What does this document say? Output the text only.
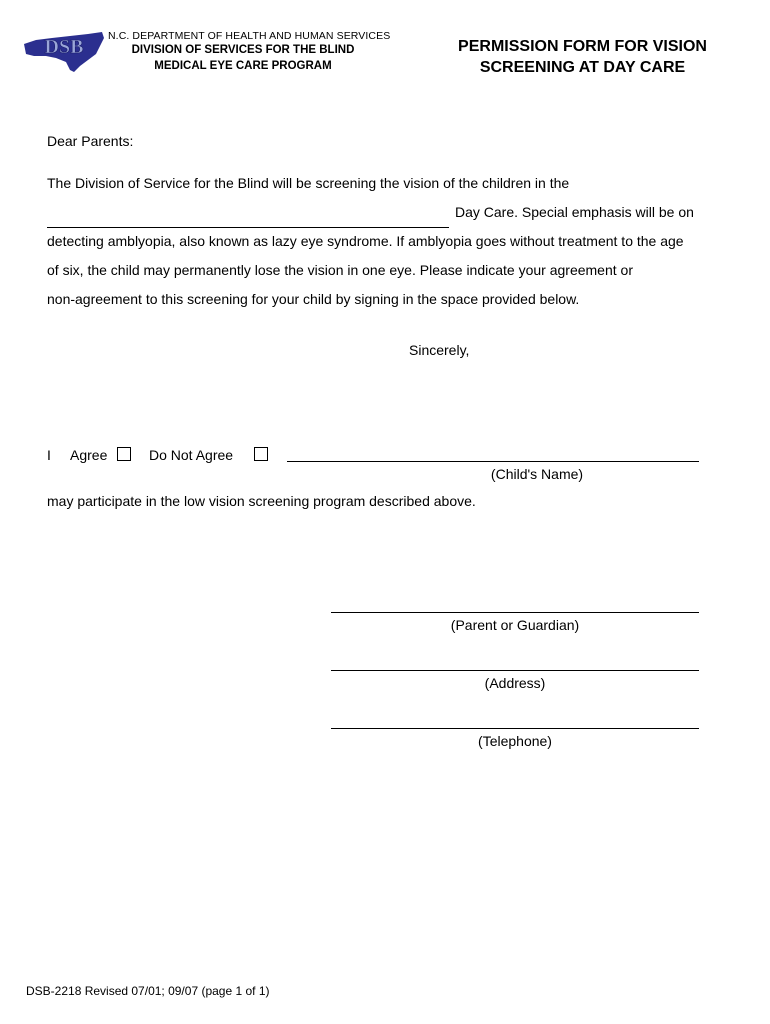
DSB N.C. DEPARTMENT OF HEALTH AND HUMAN SERVICES
DIVISION OF SERVICES FOR THE BLIND
MEDICAL EYE CARE PROGRAM
PERMISSION FORM FOR VISION
SCREENING AT DAY CARE
Dear Parents:
The Division of Service for the Blind will be screening the vision of the children in the
Day Care. Special emphasis will be on
detecting amblyopia, also known as lazy eye syndrome. If amblyopia goes without treatment to the age
of six, the child may permanently lose the vision in one eye. Please indicate your agreement or
non-agreement to this screening for your child by signing in the space provided below.
Sincerely,
I Agree	Do Not Agree
(Child's Name)
may participate in the low vision screening program described above.
(Parent or Guardian)
(Address)
(Telephone)
DSB-2218 Revised 07/01; 09/07 (page 1 of 1)
